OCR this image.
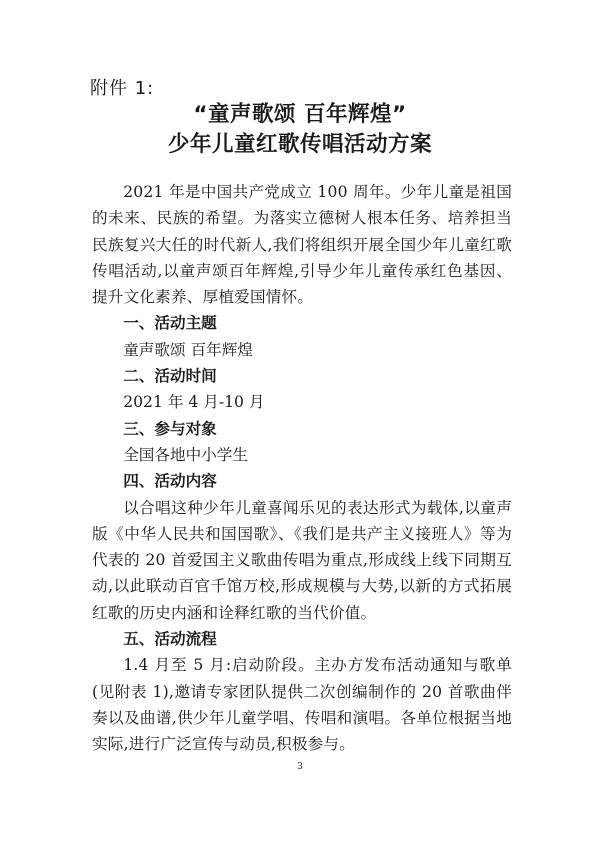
附件 1:
“童声歌颂 百年辉煌”
少年儿童红歌传唱活动方案

2021 年是中国共产党成立 100 周年。少年儿童是祖国的未来、民族的希望。为落实立德树人根本任务、培养担当民族复兴大任的时代新人,我们将组织开展全国少年儿童红歌传唱活动,以童声颂百年辉煌,引导少年儿童传承红色基因、提升文化素养、厚植爱国情怀。

一、活动主题

童声歌颂 百年辉煌

二、活动时间

2021 年 4 月-10 月

三、参与对象

全国各地中小学生

四、活动内容

以合唱这种少年儿童喜闻乐见的表达形式为载体,以童声版《中华人民共和国国歌》、《我们是共产主义接班人》等为代表的 20 首爱国主义歌曲传唱为重点,形成线上线下同期互动,以此联动百官千馆万校,形成规模与大势,以新的方式拓展红歌的历史内涵和诠释红歌的当代价值。

五、活动流程

1.4 月至 5 月:启动阶段。主办方发布活动通知与歌单(见附表 1),邀请专家团队提供二次创编制作的 20 首歌曲伴奏以及曲谱,供少年儿童学唱、传唱和演唱。各单位根据当地实际,进行广泛宣传与动员,积极参与。

3
